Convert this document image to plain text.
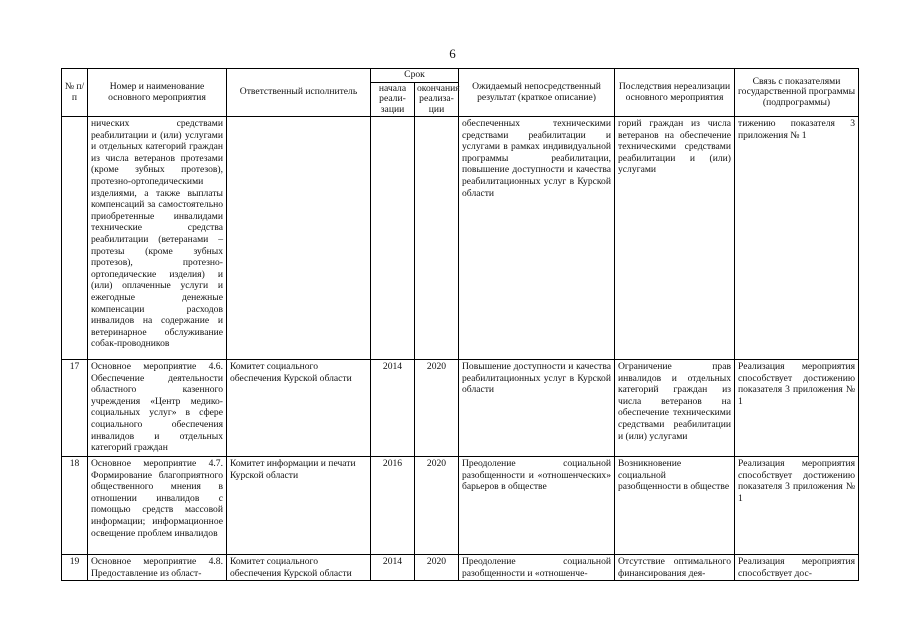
6
№ п/п	Номер и наименование основного мероприятия	Ответственный исполнитель	Срок		Ожидаемый непосредственный результат (краткое описание)	Последствия нереализации основного мероприятия	Связь с показателями государственной программы (подпрограммы)
			начала реали-зации	окончания реализа-ции			
	нических средствами реабилитации и (или) услугами и отдельных категорий граждан из числа ветеранов протезами (кроме зубных протезов), протезно-ортопедическими изделиями, а также выплаты компенсаций за самостоятельно приобретенные инвалидами технические средства реабилитации (ветеранами – протезы (кроме зубных протезов), протезно-ортопедические изделия) и (или) оплаченные услуги и ежегодные денежные компенсации расходов инвалидов на содержание и ветеринарное обслуживание собак-проводников				обеспеченных техническими средствами реабилитации и услугами в рамках индивидуальной программы реабилитации, повышение доступности и качества реабилитационных услуг в Курской области	горий граждан из числа ветеранов на обеспечение техническими средствами реабилитации и (или) услугами	тижению показателя 3 приложения № 1
17	Основное мероприятие 4.6. Обеспечение деятельности областного казенного учреждения «Центр медико-социальных услуг» в сфере социального обеспечения инвалидов и отдельных категорий граждан	Комитет социального обеспечения Курской области	2014	2020	Повышение доступности и качества реабилитационных услуг в Курской области	Ограничение прав инвалидов и отдельных категорий граждан из числа ветеранов на обеспечение техническими средствами реабилитации и (или) услугами	Реализация мероприятия способствует достижению показателя 3 приложения № 1
18	Основное мероприятие 4.7. Формирование благоприятного общественного мнения в отношении инвалидов с помощью средств массовой информации; информационное освещение проблем инвалидов	Комитет информации и печати Курской области	2016	2020	Преодоление социальной разобщенности и «отношенческих» барьеров в обществе	Возникновение социальной разобщенности в обществе	Реализация мероприятия способствует достижению показателя 3 приложения № 1
19	Основное мероприятие 4.8. Предоставление из област-	Комитет социального обеспечения Курской области	2014	2020	Преодоление социальной разобщенности и «отношенче-	Отсутствие оптимального финансирования дея-	Реализация мероприятия способствует дос-
